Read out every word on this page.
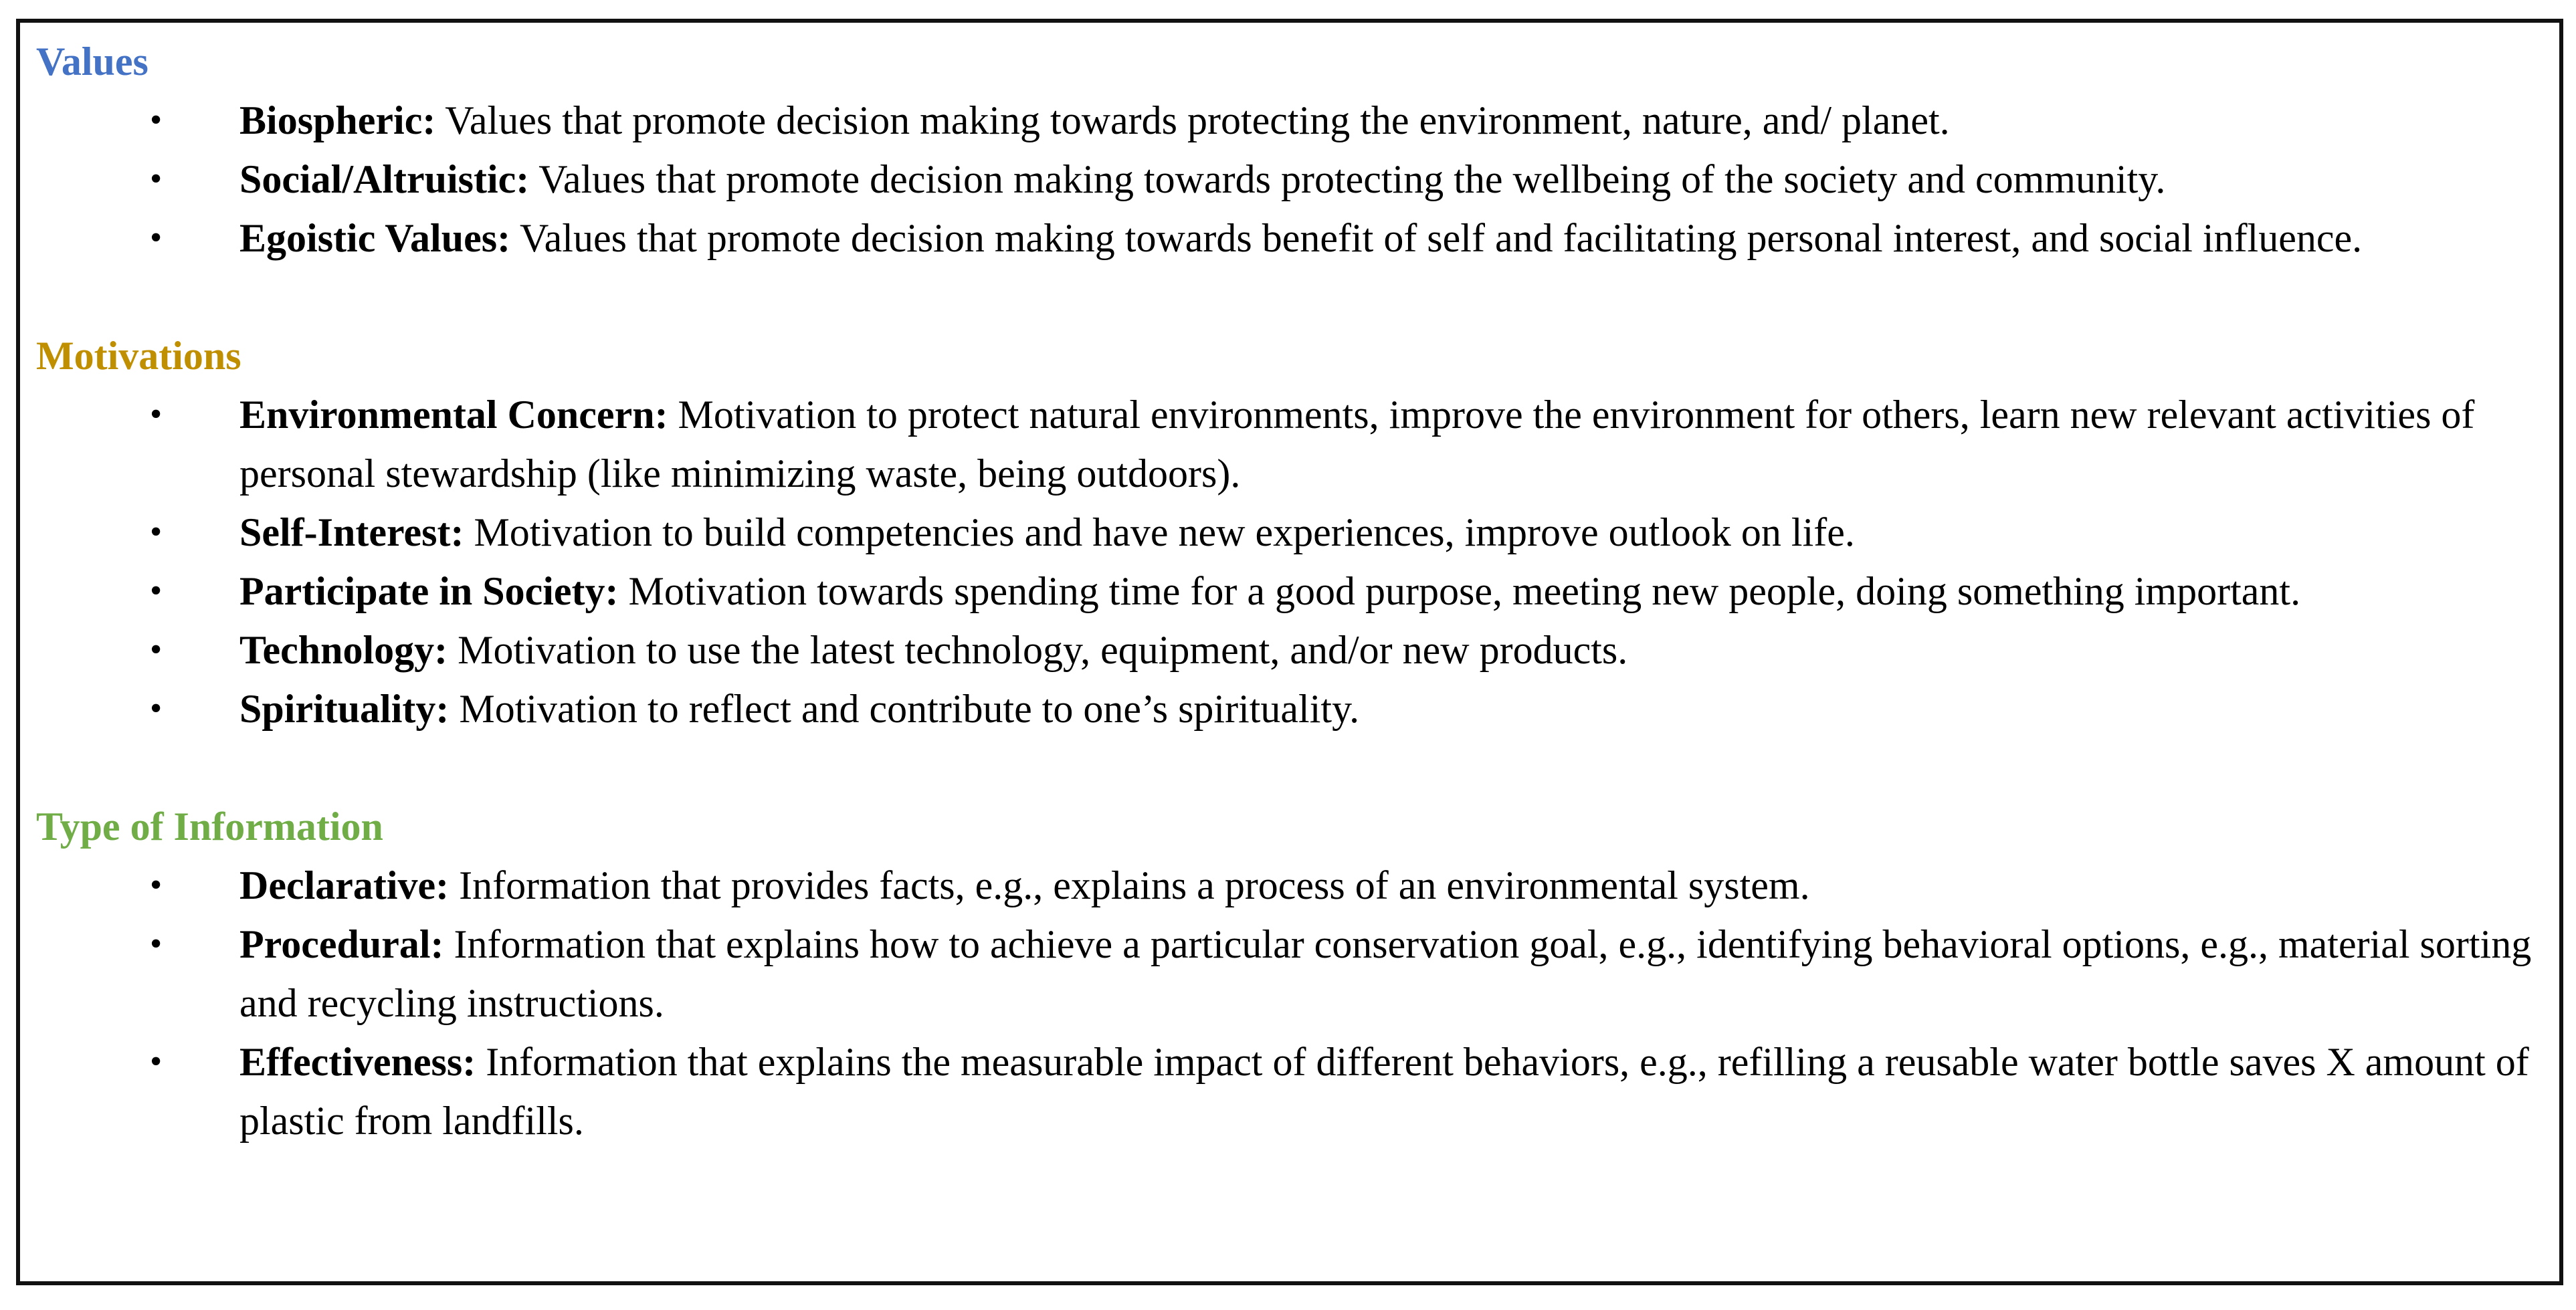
Values
• Biospheric: Values that promote decision making towards protecting the environment, nature, and/ planet.
• Social/Altruistic: Values that promote decision making towards protecting the wellbeing of the society and community.
• Egoistic Values: Values that promote decision making towards benefit of self and facilitating personal interest, and social influence.
Motivations
• Environmental Concern: Motivation to protect natural environments, improve the environment for others, learn new relevant activities of personal stewardship (like minimizing waste, being outdoors).
• Self-Interest: Motivation to build competencies and have new experiences, improve outlook on life.
• Participate in Society: Motivation towards spending time for a good purpose, meeting new people, doing something important.
• Technology: Motivation to use the latest technology, equipment, and/or new products.
• Spirituality: Motivation to reflect and contribute to one’s spirituality.
Type of Information
• Declarative: Information that provides facts, e.g., explains a process of an environmental system.
• Procedural: Information that explains how to achieve a particular conservation goal, e.g., identifying behavioral options, e.g., material sorting and recycling instructions.
• Effectiveness: Information that explains the measurable impact of different behaviors, e.g., refilling a reusable water bottle saves X amount of plastic from landfills.
